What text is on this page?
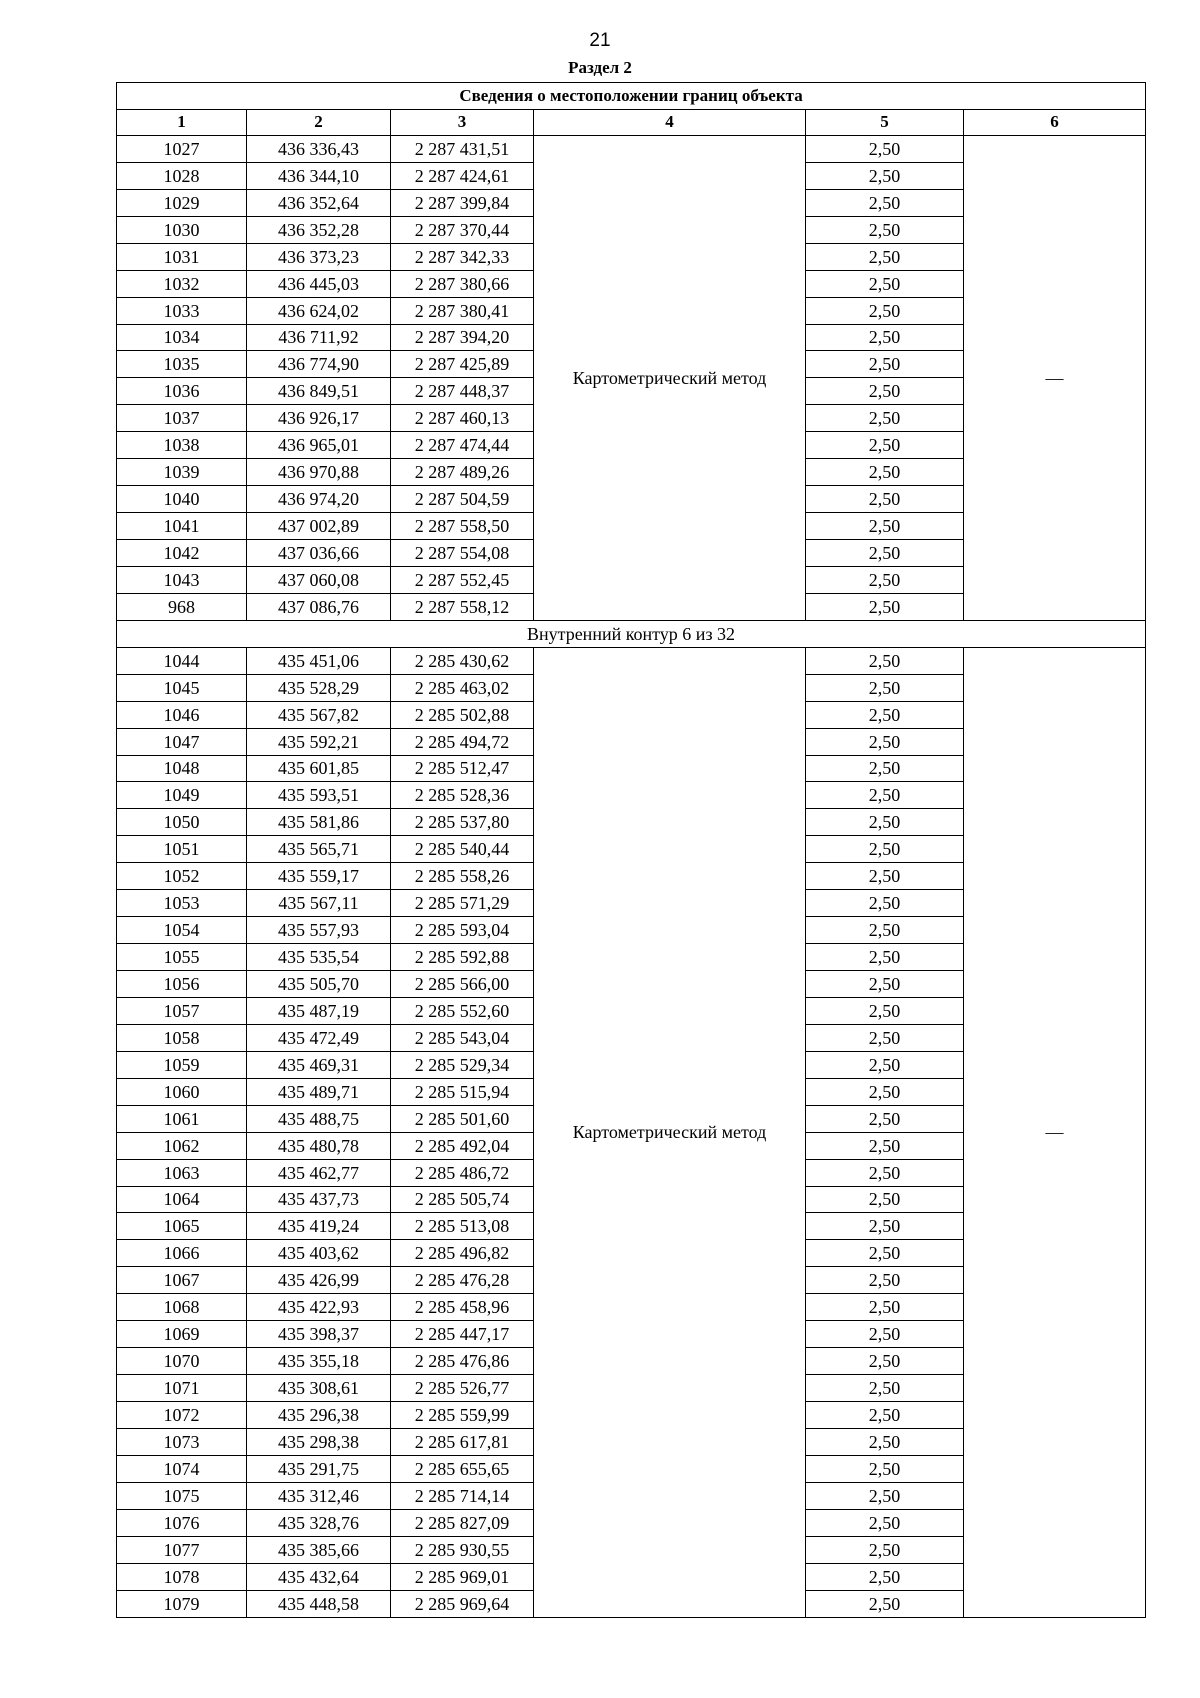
21
Раздел 2
Сведения о местоположении границ объекта					
1	2	3	4	5	6
1027	436 336,43	2 287 431,51	Картометрический метод	2,50	—
1028	436 344,10	2 287 424,61		2,50	
1029	436 352,64	2 287 399,84		2,50	
1030	436 352,28	2 287 370,44		2,50	
1031	436 373,23	2 287 342,33		2,50	
1032	436 445,03	2 287 380,66		2,50	
1033	436 624,02	2 287 380,41		2,50	
1034	436 711,92	2 287 394,20		2,50	
1035	436 774,90	2 287 425,89		2,50	
1036	436 849,51	2 287 448,37		2,50	
1037	436 926,17	2 287 460,13		2,50	
1038	436 965,01	2 287 474,44		2,50	
1039	436 970,88	2 287 489,26		2,50	
1040	436 974,20	2 287 504,59		2,50	
1041	437 002,89	2 287 558,50		2,50	
1042	437 036,66	2 287 554,08		2,50	
1043	437 060,08	2 287 552,45		2,50	
968	437 086,76	2 287 558,12		2,50	
Внутренний контур 6 из 32					
1044	435 451,06	2 285 430,62	Картометрический метод	2,50	—
1045	435 528,29	2 285 463,02		2,50	
1046	435 567,82	2 285 502,88		2,50	
1047	435 592,21	2 285 494,72		2,50	
1048	435 601,85	2 285 512,47		2,50	
1049	435 593,51	2 285 528,36		2,50	
1050	435 581,86	2 285 537,80		2,50	
1051	435 565,71	2 285 540,44		2,50	
1052	435 559,17	2 285 558,26		2,50	
1053	435 567,11	2 285 571,29		2,50	
1054	435 557,93	2 285 593,04		2,50	
1055	435 535,54	2 285 592,88		2,50	
1056	435 505,70	2 285 566,00		2,50	
1057	435 487,19	2 285 552,60		2,50	
1058	435 472,49	2 285 543,04		2,50	
1059	435 469,31	2 285 529,34		2,50	
1060	435 489,71	2 285 515,94		2,50	
1061	435 488,75	2 285 501,60		2,50	
1062	435 480,78	2 285 492,04		2,50	
1063	435 462,77	2 285 486,72		2,50	
1064	435 437,73	2 285 505,74		2,50	
1065	435 419,24	2 285 513,08		2,50	
1066	435 403,62	2 285 496,82		2,50	
1067	435 426,99	2 285 476,28		2,50	
1068	435 422,93	2 285 458,96		2,50	
1069	435 398,37	2 285 447,17		2,50	
1070	435 355,18	2 285 476,86		2,50	
1071	435 308,61	2 285 526,77		2,50	
1072	435 296,38	2 285 559,99		2,50	
1073	435 298,38	2 285 617,81		2,50	
1074	435 291,75	2 285 655,65		2,50	
1075	435 312,46	2 285 714,14		2,50	
1076	435 328,76	2 285 827,09		2,50	
1077	435 385,66	2 285 930,55		2,50	
1078	435 432,64	2 285 969,01		2,50	
1079	435 448,58	2 285 969,64		2,50	
